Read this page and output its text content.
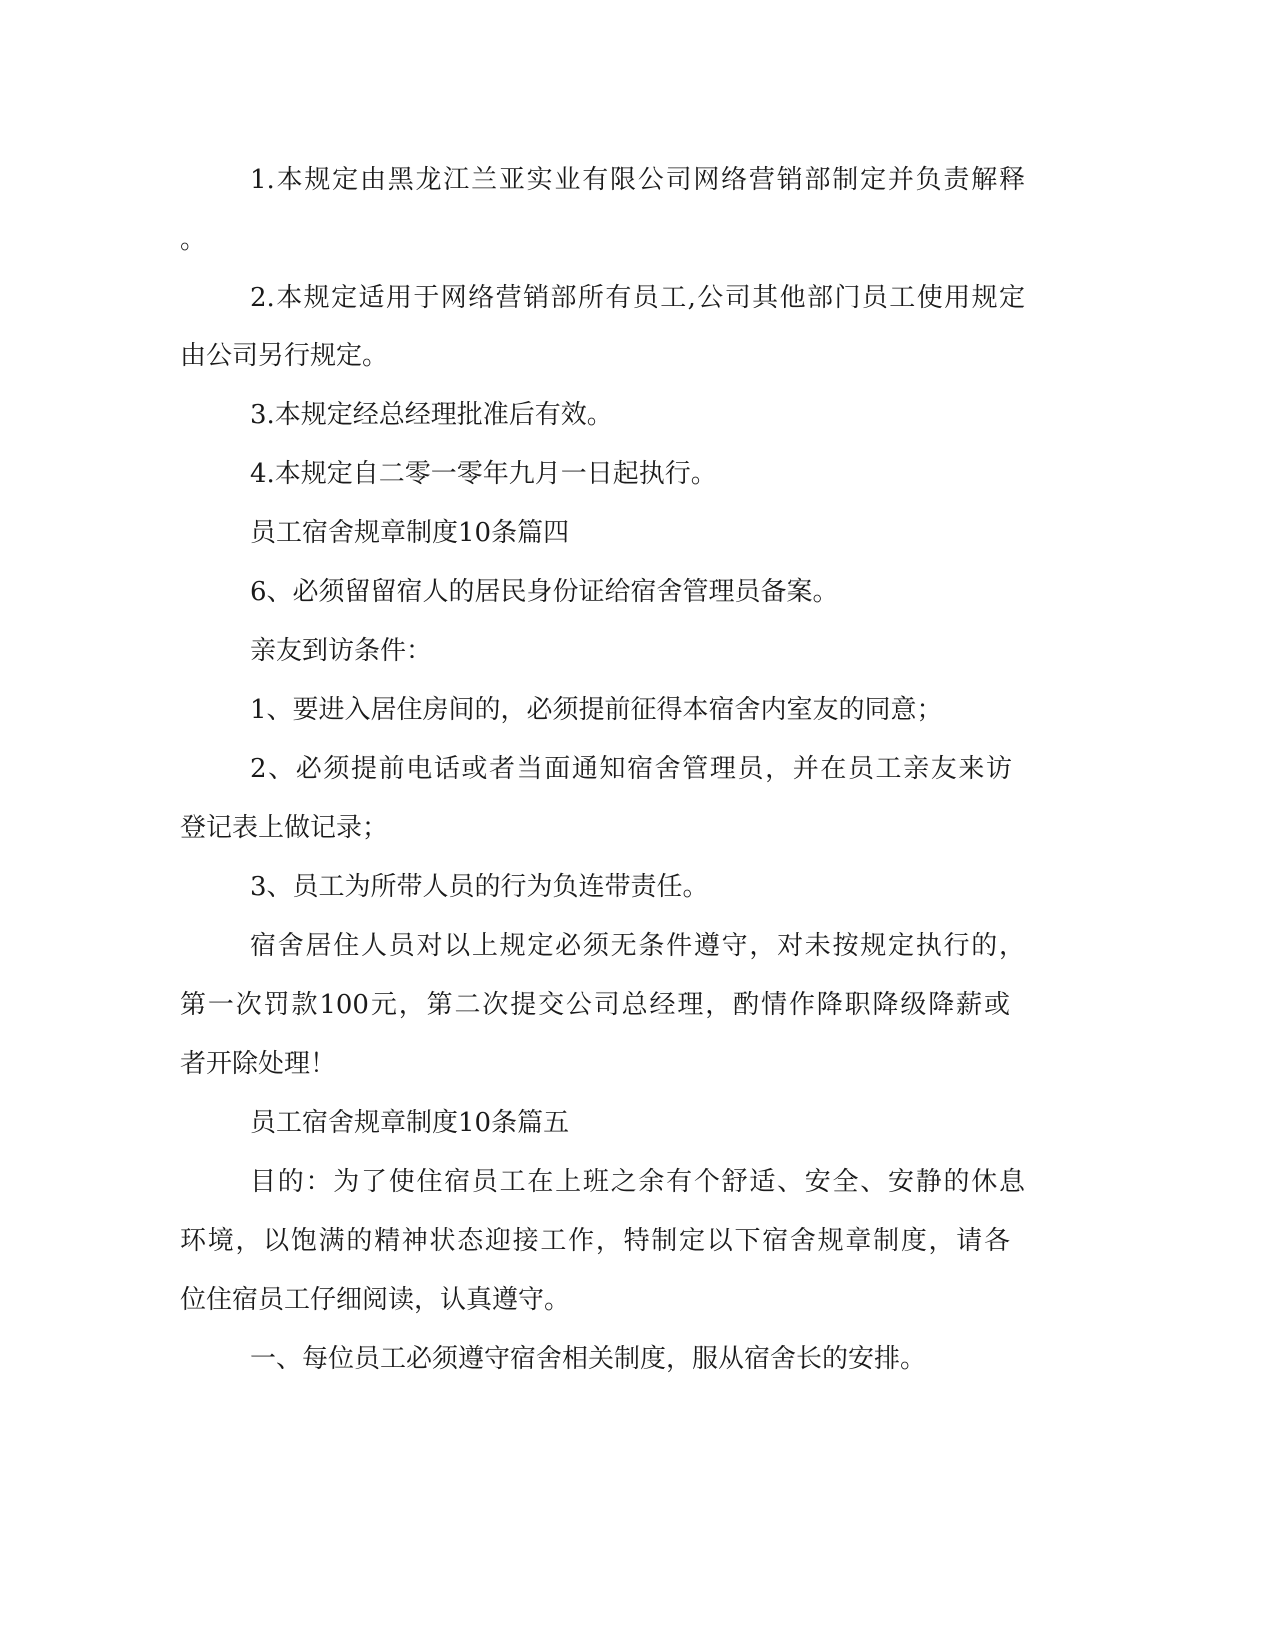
1.本规定由黑龙江兰亚实业有限公司网络营销部制定并负责解释

。

2.本规定适用于网络营销部所有员工,公司其他部门员工使用规定

由公司另行规定。

3.本规定经总经理批准后有效。

4.本规定自二零一零年九月一日起执行。

员工宿舍规章制度10条篇四

6、必须留留宿人的居民身份证给宿舍管理员备案。

亲友到访条件：

1、要进入居住房间的，必须提前征得本宿舍内室友的同意；

2、必须提前电话或者当面通知宿舍管理员，并在员工亲友来访

登记表上做记录；

3、员工为所带人员的行为负连带责任。

宿舍居住人员对以上规定必须无条件遵守，对未按规定执行的，

第一次罚款100元，第二次提交公司总经理，酌情作降职降级降薪或

者开除处理！

员工宿舍规章制度10条篇五

目的：为了使住宿员工在上班之余有个舒适、安全、安静的休息

环境，以饱满的精神状态迎接工作，特制定以下宿舍规章制度，请各

位住宿员工仔细阅读，认真遵守。

一、每位员工必须遵守宿舍相关制度，服从宿舍长的安排。
